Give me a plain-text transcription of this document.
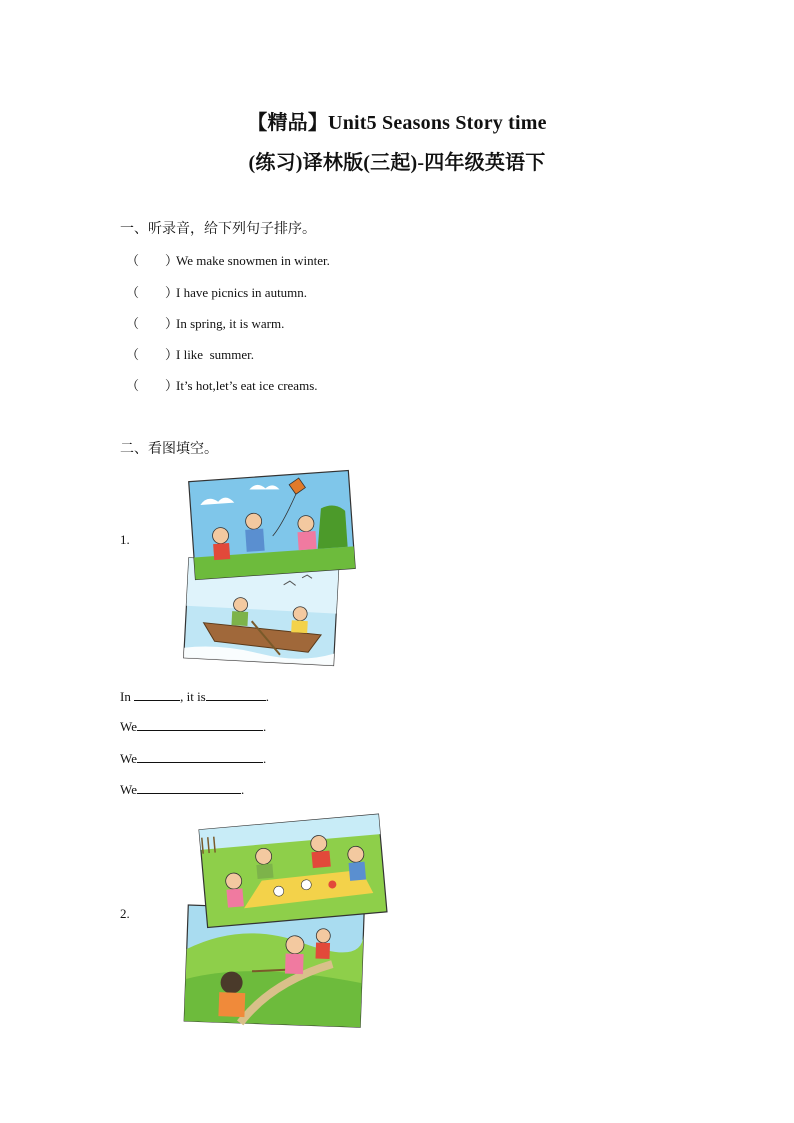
【精品】Unit5 Seasons Story time
(练习)译林版(三起)-四年级英语下
一、听录音，给下列句子排序。
（        ）We make snowmen in winter.
（        ）I have picnics in autumn.
（        ）In spring, it is warm.
（        ）I like  summer.
（        ）It’s hot,let’s eat ice creams.
二、看图填空。
1.
In	, it is	.
We	.
We	.
We	.
2.
